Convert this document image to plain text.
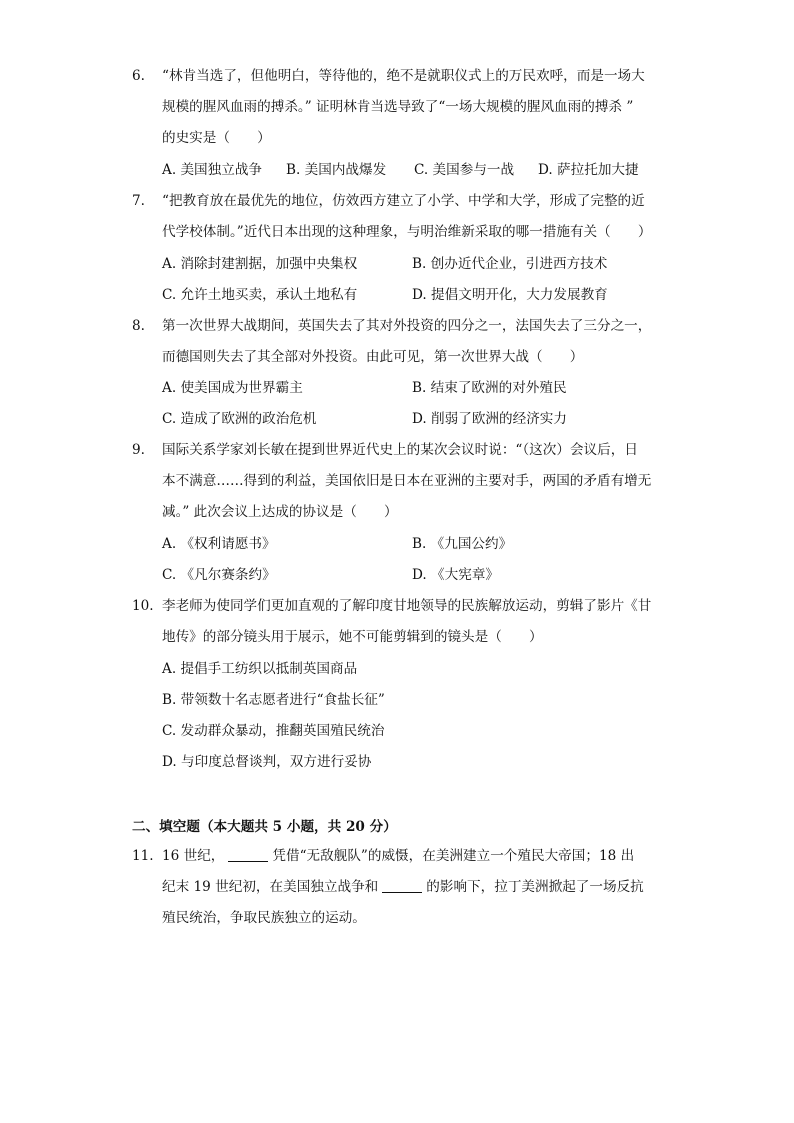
6.	“林肯当选了，但他明白，等待他的，绝不是就职仪式上的万民欢呼，而是一场大
规模的腥风血雨的搏杀。” 证明林肯当选导致了“一场大规模的腥风血雨的搏杀 ”
的史实是（　　）
A. 美国独立战争 B. 美国内战爆发 C. 美国参与一战 D. 萨拉托加大捷
7.	“把教育放在最优先的地位，仿效西方建立了小学、中学和大学，形成了完整的近
代学校体制。”近代日本出现的这种理象，与明治维新采取的哪一措施有关（　　）
A. 消除封建割据，加强中央集权	B. 创办近代企业，引进西方技术
C. 允许土地买卖，承认土地私有	D. 提倡文明开化，大力发展教育
8.	第一次世界大战期间，英国失去了其对外投资的四分之一，法国失去了三分之一，
而德国则失去了其全部对外投资。由此可见，第一次世界大战（　　）
A. 使美国成为世界霸主	B. 结束了欧洲的对外殖民
C. 造成了欧洲的政治危机	D. 削弱了欧洲的经济实力
9.	国际关系学家刘长敏在提到世界近代史上的某次会议时说：“（这次）会议后，日
本不满意……得到的利益，美国依旧是日本在亚洲的主要对手，两国的矛盾有增无
减。” 此次会议上达成的协议是（　　）
A. 《权利请愿书》	B. 《九国公约》
C. 《凡尔赛条约》	D. 《大宪章》
10. 李老师为使同学们更加直观的了解印度甘地领导的民族解放运动，剪辑了影片《甘
地传》的部分镜头用于展示，她不可能剪辑到的镜头是（　　）
A. 提倡手工纺织以抵制英国商品
B. 带领数十名志愿者进行“食盐长征”
C. 发动群众暴动，推翻英国殖民统治
D. 与印度总督谈判，双方进行妥协
二、填空题（本大题共 5 小题，共 20 分）
11. 16 世纪，	凭借“无敌舰队”的威慑，在美洲建立一个殖民大帝国；18 出
纪末 19 世纪初，在美国独立战争和	的影响下，拉丁美洲掀起了一场反抗
殖民统治，争取民族独立的运动。
